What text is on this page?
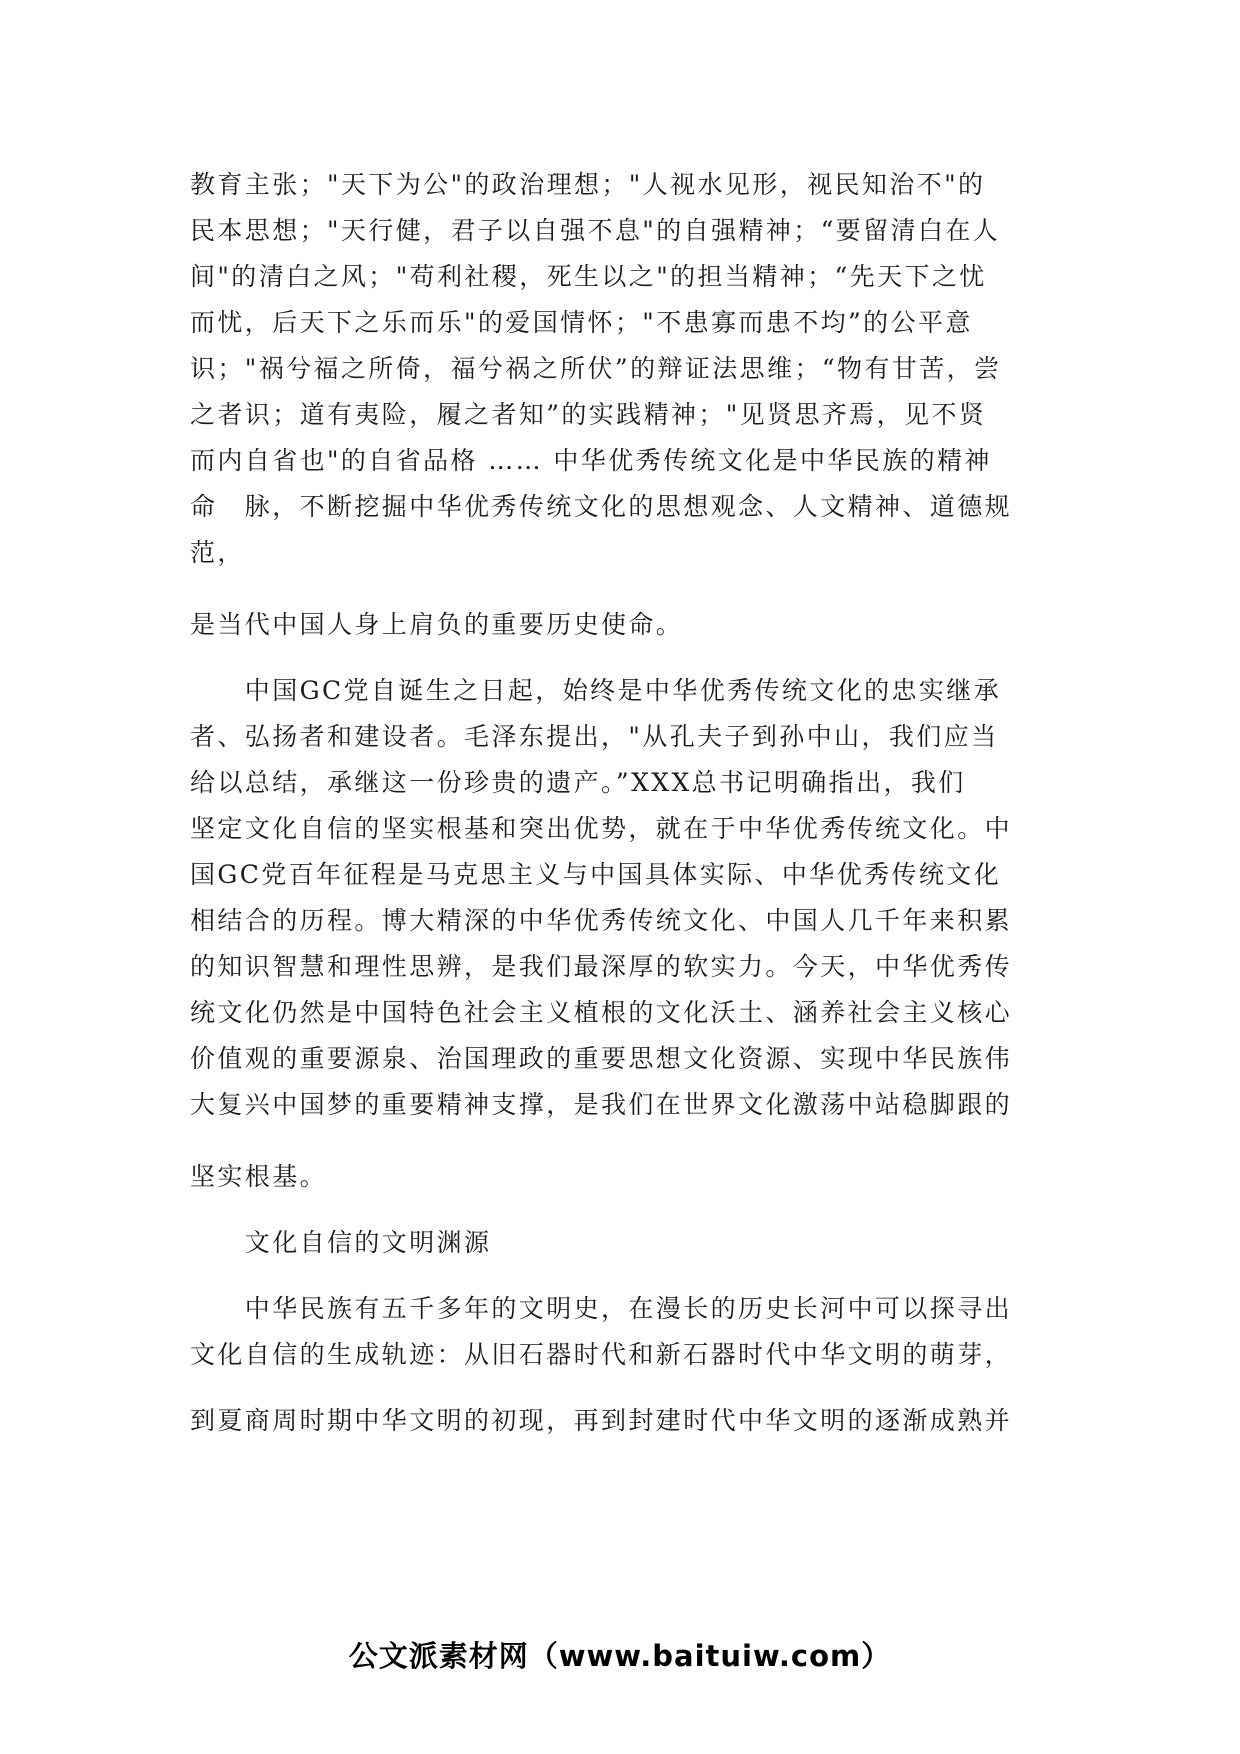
教育主张；"天下为公"的政治理想；"人视水见形，视民知治不"的
民本思想；"天行健，君子以自强不息"的自强精神；“要留清白在人
间"的清白之风；"苟利社稷，死生以之"的担当精神；“先天下之忧
而忧，后天下之乐而乐"的爱国情怀；"不患寡而患不均”的公平意
识；"祸兮福之所倚，福兮祸之所伏”的辩证法思维；“物有甘苦，尝
之者识；道有夷险，履之者知”的实践精神；"见贤思齐焉，见不贤
而内自省也"的自省品格 …… 中华优秀传统文化是中华民族的精神
命　脉，不断挖掘中华优秀传统文化的思想观念、人文精神、道德规
范，
是当代中国人身上肩负的重要历史使命。
　　中国GC党自诞生之日起，始终是中华优秀传统文化的忠实继承
者、弘扬者和建设者。毛泽东提出，"从孔夫子到孙中山，我们应当
给以总结，承继这一份珍贵的遗产。”XXX总书记明确指出，我们
坚定文化自信的坚实根基和突出优势，就在于中华优秀传统文化。中
国GC党百年征程是马克思主义与中国具体实际、中华优秀传统文化
相结合的历程。博大精深的中华优秀传统文化、中国人几千年来积累
的知识智慧和理性思辨，是我们最深厚的软实力。今天，中华优秀传
统文化仍然是中国特色社会主义植根的文化沃土、涵养社会主义核心
价值观的重要源泉、治国理政的重要思想文化资源、实现中华民族伟
大复兴中国梦的重要精神支撑，是我们在世界文化激荡中站稳脚跟的
坚实根基。
　　文化自信的文明渊源
　　中华民族有五千多年的文明史，在漫长的历史长河中可以探寻出
文化自信的生成轨迹：从旧石器时代和新石器时代中华文明的萌芽，
到夏商周时期中华文明的初现，再到封建时代中华文明的逐渐成熟并
公文派素材网（www.baituiw.com）
